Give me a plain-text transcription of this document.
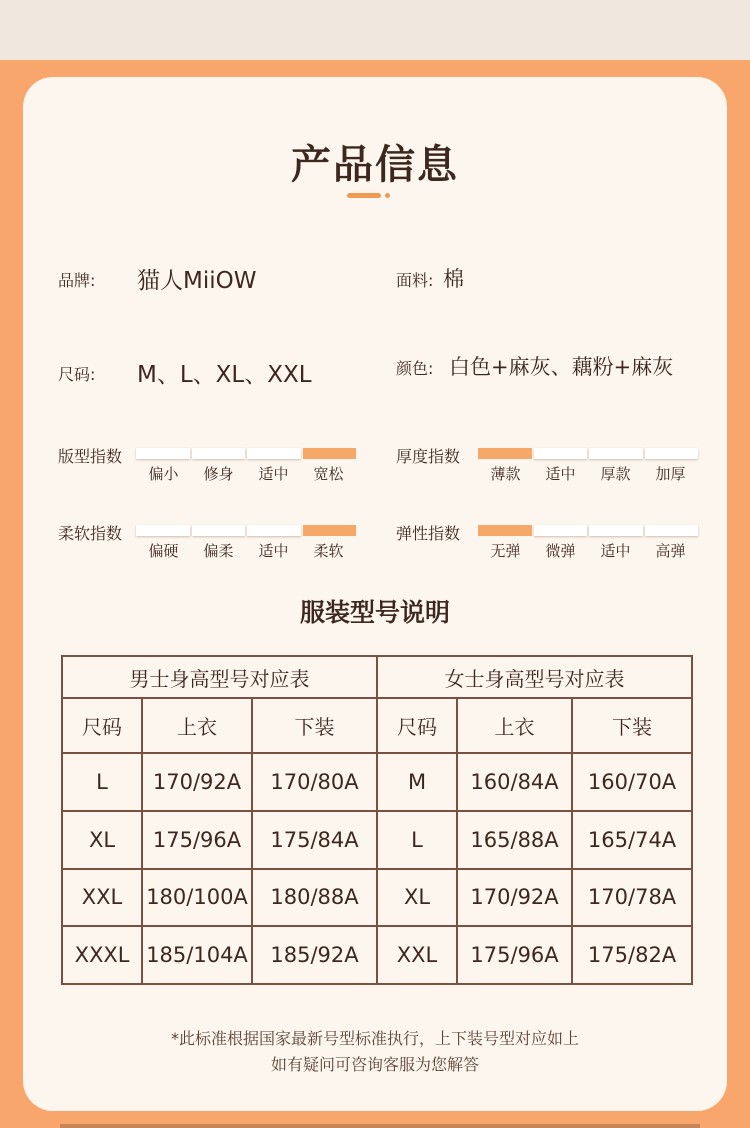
产品信息
品牌: 猫人MiiOW	面料: 棉
尺码: M、L、XL、XXL	颜色: 白色+麻灰、藕粉+麻灰
版型指数
偏小	修身	适中	宽松
厚度指数
薄款	适中	厚款	加厚
柔软指数
偏硬	偏柔	适中	柔软
弹性指数
无弹	微弹	适中	高弹
服装型号说明
男士身高型号对应表			女士身高型号对应表		
尺码	上衣	下装	尺码	上衣	下装
L	170/92A	170/80A	M	160/84A	160/70A
XL	175/96A	175/84A	L	165/88A	165/74A
XXL	180/100A	180/88A	XL	170/92A	170/78A
XXXL	185/104A	185/92A	XXL	175/96A	175/82A
*此标准根据国家最新号型标准执行，上下装号型对应如上
如有疑问可咨询客服为您解答
